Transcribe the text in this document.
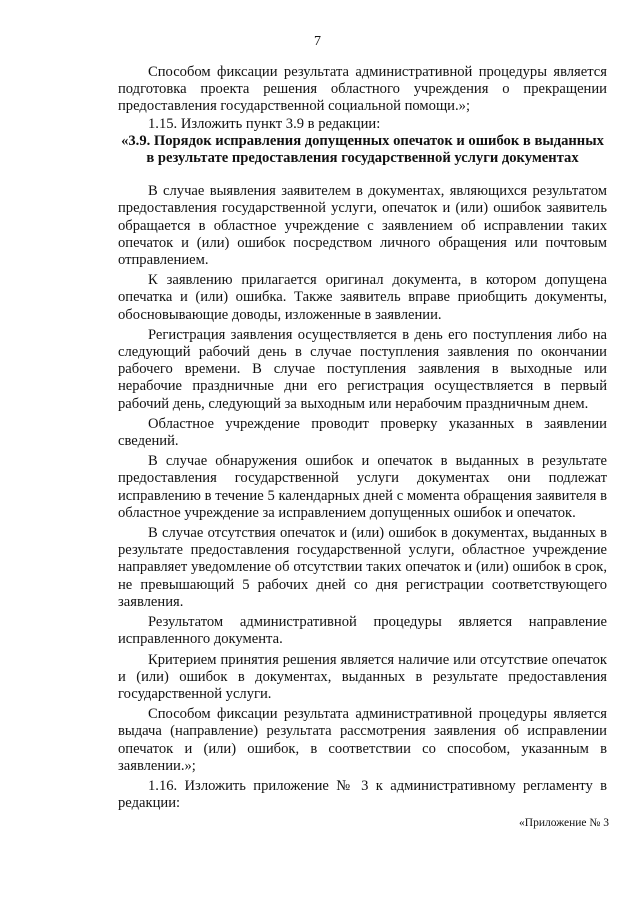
7

Способом фиксации результата административной процедуры является подготовка проекта решения областного учреждения о прекращении предоставления государственной социальной помощи.»;

1.15. Изложить пункт 3.9 в редакции:

«3.9. Порядок исправления допущенных опечаток и ошибок в выданных в результате предоставления государственной услуги документах

В случае выявления заявителем в документах, являющихся результатом предоставления государственной услуги, опечаток и (или) ошибок заявитель обращается в областное учреждение с заявлением об исправлении таких опечаток и (или) ошибок посредством личного обращения или почтовым отправлением.

К заявлению прилагается оригинал документа, в котором допущена опечатка и (или) ошибка. Также заявитель вправе приобщить документы, обосновывающие доводы, изложенные в заявлении.

Регистрация заявления осуществляется в день его поступления либо на следующий рабочий день в случае поступления заявления по окончании рабочего времени. В случае поступления заявления в выходные или нерабочие праздничные дни его регистрация осуществляется в первый рабочий день, следующий за выходным или нерабочим праздничным днем.

Областное учреждение проводит проверку указанных в заявлении сведений.

В случае обнаружения ошибок и опечаток в выданных в результате предоставления государственной услуги документах они подлежат исправлению в течение 5 календарных дней с момента обращения заявителя в областное учреждение за исправлением допущенных ошибок и опечаток.

В случае отсутствия опечаток и (или) ошибок в документах, выданных в результате предоставления государственной услуги, областное учреждение направляет уведомление об отсутствии таких опечаток и (или) ошибок в срок, не превышающий 5 рабочих дней со дня регистрации соответствующего заявления.

Результатом административной процедуры является направление исправленного документа.

Критерием принятия решения является наличие или отсутствие опечаток и (или) ошибок в документах, выданных в результате предоставления государственной услуги.

Способом фиксации результата административной процедуры является выдача (направление) результата рассмотрения заявления об исправлении опечаток и (или) ошибок, в соответствии со способом, указанным в заявлении.»;

1.16. Изложить приложение № 3 к административному регламенту в редакции:

«Приложение № 3
